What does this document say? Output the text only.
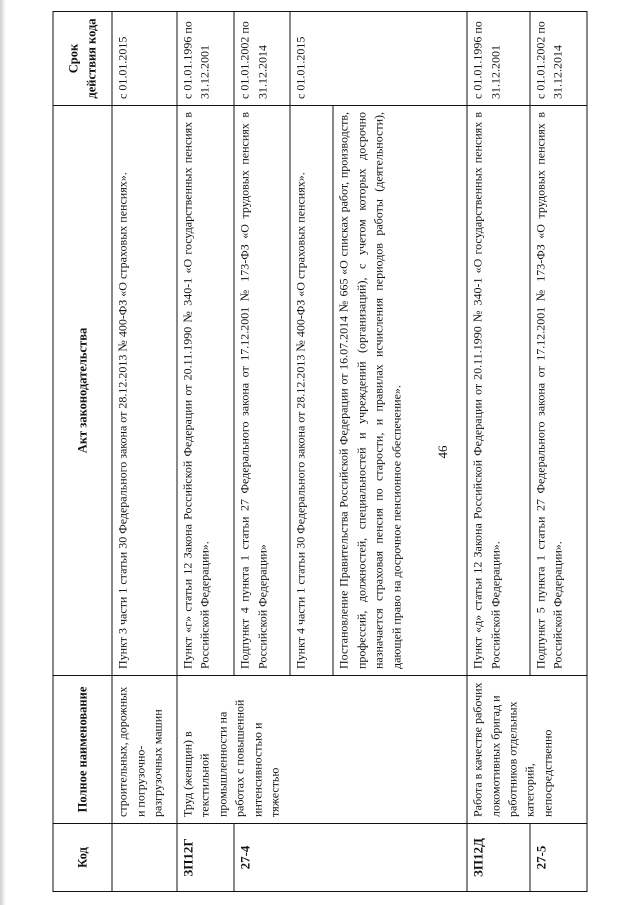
46
Код	Полное наименование	Акт законодательства	Срок действия кода
	строительных, дорожных и погрузочно-разгрузочных машин	Пункт 3 части 1 статьи 30 Федерального закона от 28.12.2013 № 400-ФЗ «О страховых пенсиях».	с 01.01.2015
ЗП12Г	Труд (женщин) в текстильной промышленности на работах с повышенной интенсивностью и тяжестью	Пункт «г» статьи 12 Закона Российской Федерации от 20.11.1990 № 340-1 «О государственных пенсиях в Российской Федерации».	с 01.01.1996 по 31.12.2001
27-4		Подпункт 4 пункта 1 статьи 27 Федерального закона от 17.12.2001 № 173-ФЗ «О трудовых пенсиях в Российской Федерации»	с 01.01.2002 по 31.12.2014
		Пункт 4 части 1 статьи 30 Федерального закона от 28.12.2013 № 400-ФЗ «О страховых пенсиях».	с 01.01.2015
		Постановление Правительства Российской Федерации от 16.07.2014 № 665 «О списках работ, производств, профессий, должностей, специальностей и учреждений (организаций), с учетом которых досрочно назначается страховая пенсия по старости, и правилах исчисления периодов работы (деятельности), дающей право на досрочное пенсионное обеспечение».	
ЗП12Д	Работа в качестве рабочих локомотивных бригад и работников отдельных категорий, непосредственно	Пункт «д» статьи 12 Закона Российской Федерации от 20.11.1990 № 340-1 «О государственных пенсиях в Российской Федерации».	с 01.01.1996 по 31.12.2001
27-5		Подпункт 5 пункта 1 статьи 27 Федерального закона от 17.12.2001 № 173-ФЗ «О трудовых пенсиях в Российской Федерации».	с 01.01.2002 по 31.12.2014
